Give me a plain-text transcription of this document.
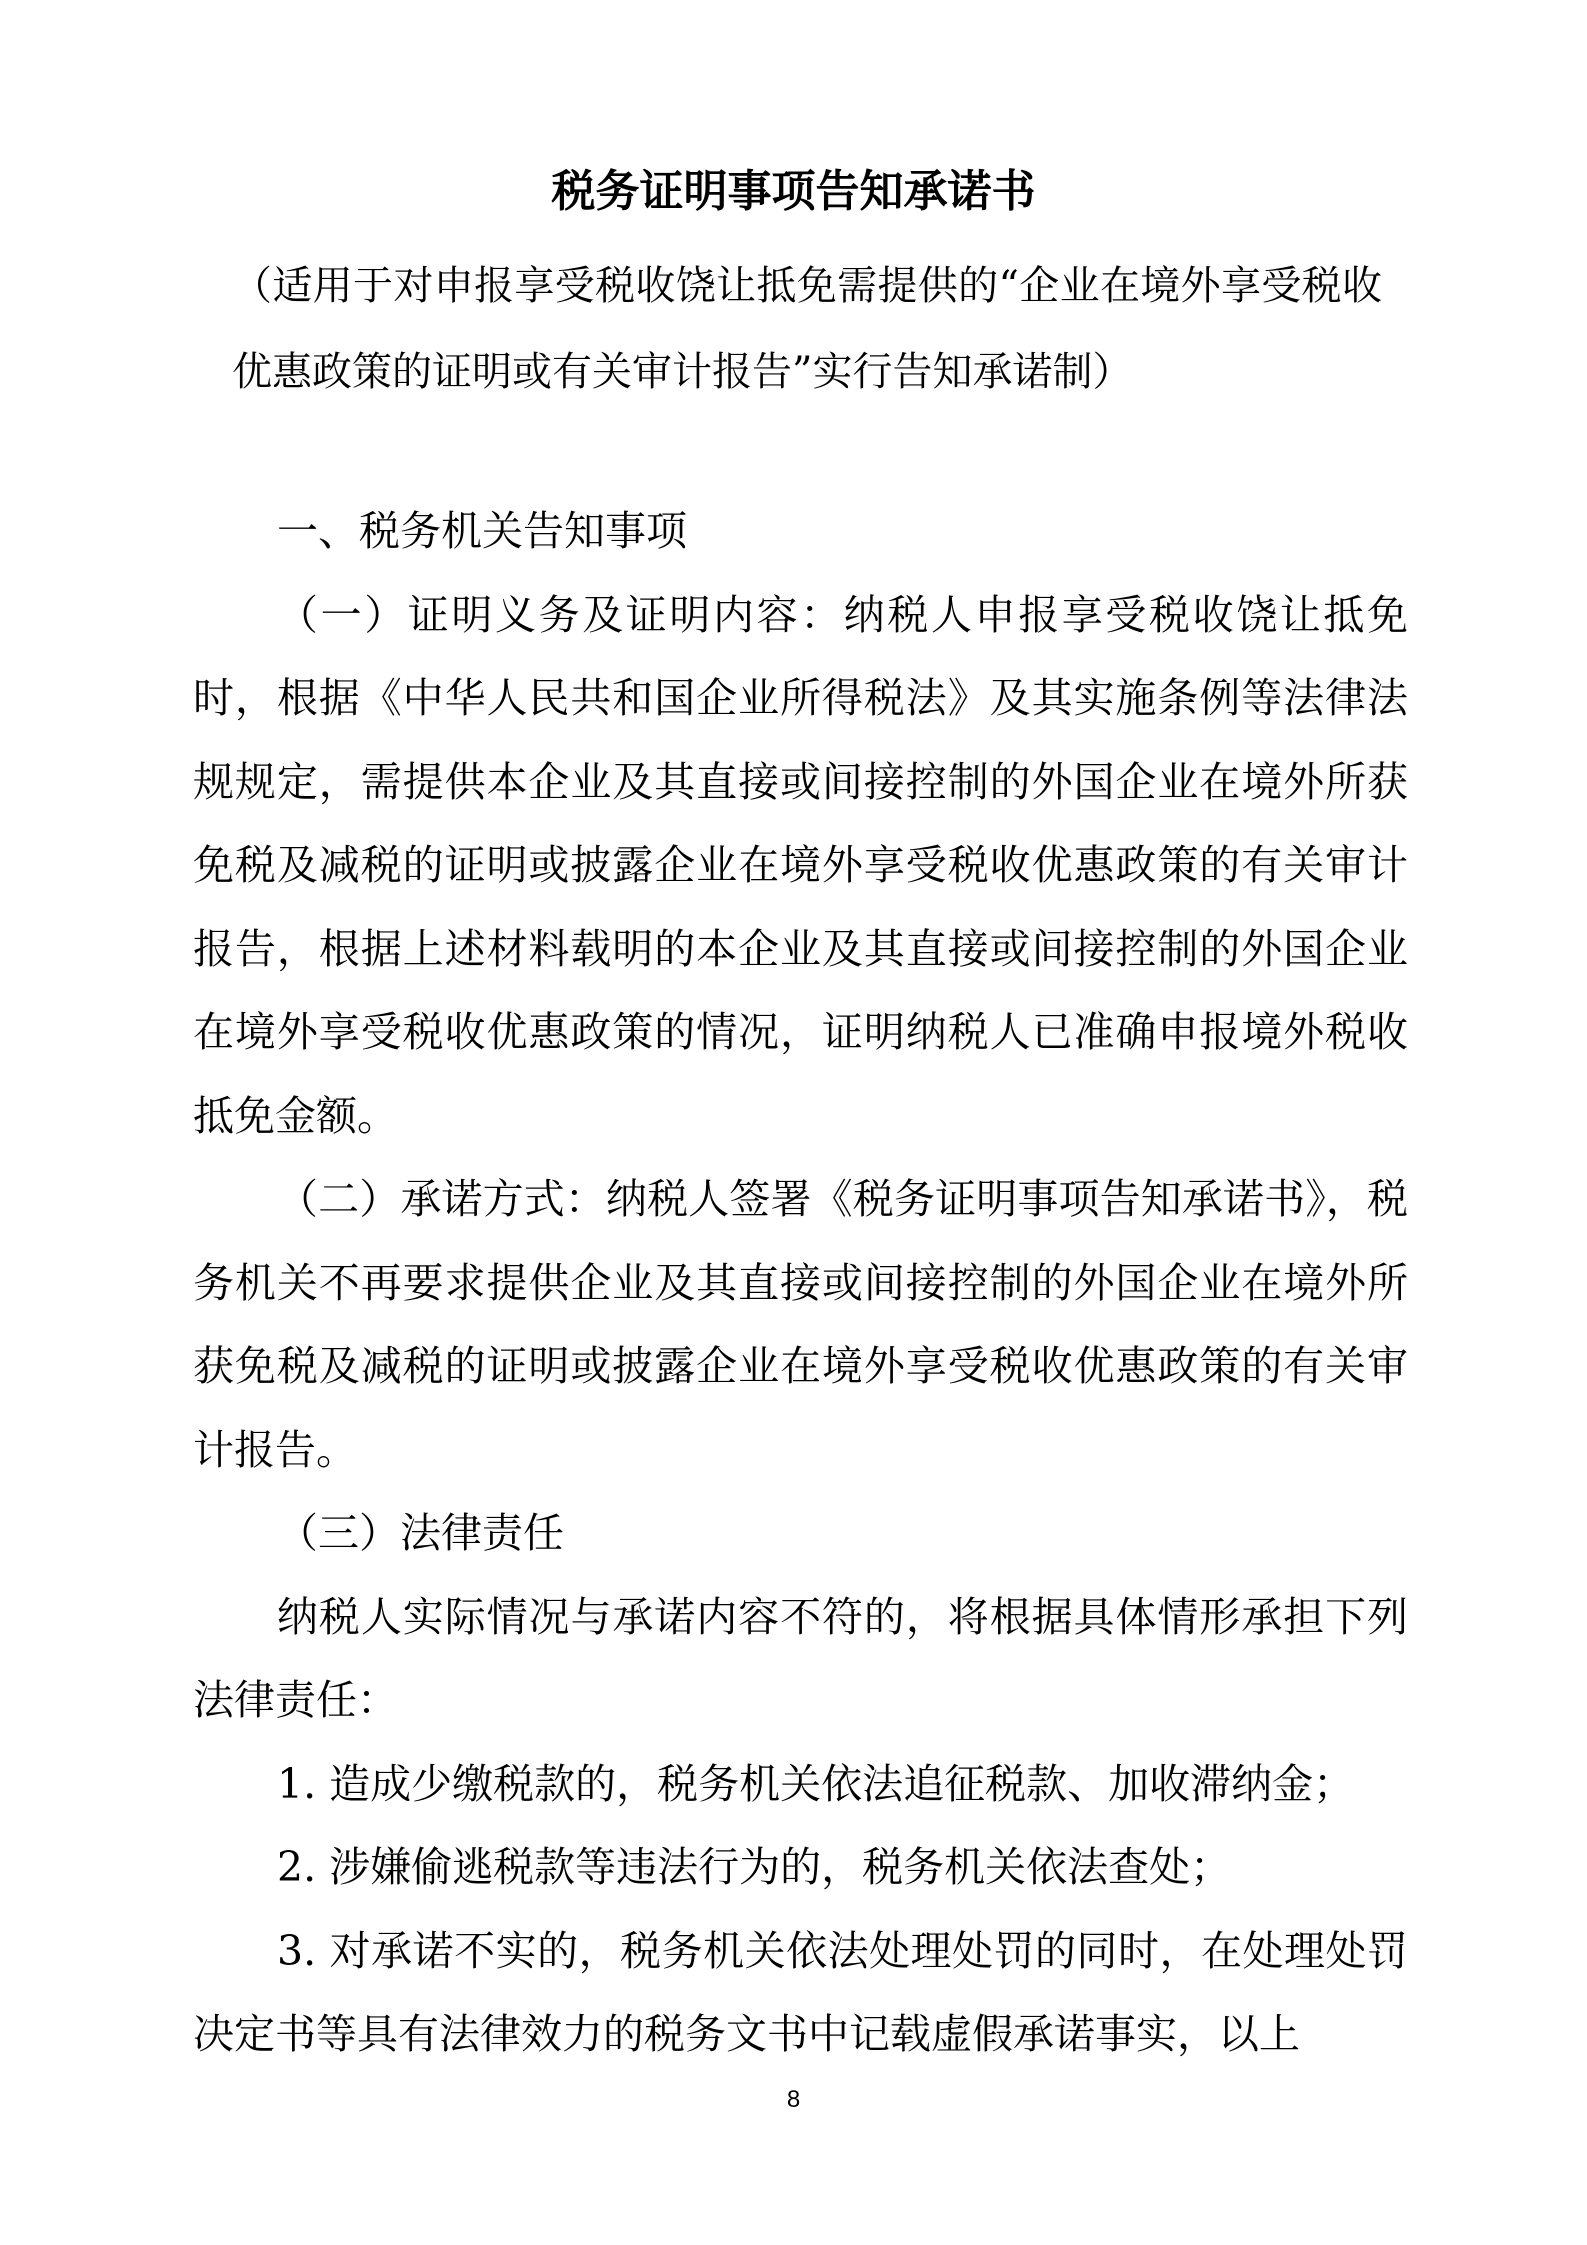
税务证明事项告知承诺书

（适用于对申报享受税收饶让抵免需提供的“企业在境外享受税收优惠政策的证明或有关审计报告”实行告知承诺制）

一、税务机关告知事项

（一）证明义务及证明内容：纳税人申报享受税收饶让抵免时，根据《中华人民共和国企业所得税法》及其实施条例等法律法规规定，需提供本企业及其直接或间接控制的外国企业在境外所获免税及减税的证明或披露企业在境外享受税收优惠政策的有关审计报告，根据上述材料载明的本企业及其直接或间接控制的外国企业在境外享受税收优惠政策的情况，证明纳税人已准确申报境外税收抵免金额。

（二）承诺方式：纳税人签署《税务证明事项告知承诺书》，税务机关不再要求提供企业及其直接或间接控制的外国企业在境外所获免税及减税的证明或披露企业在境外享受税收优惠政策的有关审计报告。

（三）法律责任

纳税人实际情况与承诺内容不符的，将根据具体情形承担下列法律责任：

1. 造成少缴税款的，税务机关依法追征税款、加收滞纳金；

2. 涉嫌偷逃税款等违法行为的，税务机关依法查处；

3. 对承诺不实的，税务机关依法处理处罚的同时，在处理处罚决定书等具有法律效力的税务文书中记载虚假承诺事实，以上

8
